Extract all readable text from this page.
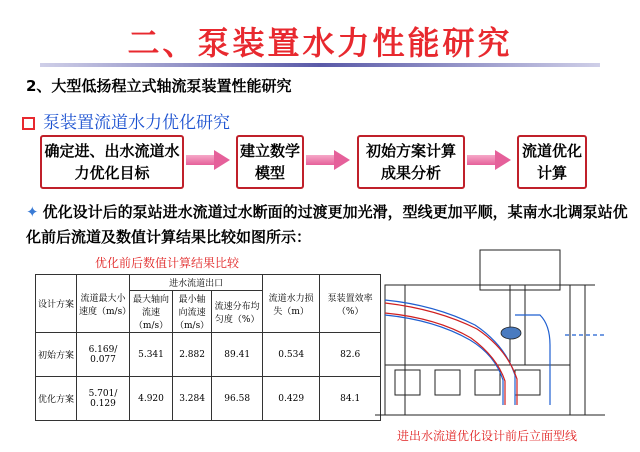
二、泵装置水力性能研究
2、大型低扬程立式轴流泵装置性能研究
泵装置流道水力优化研究
确定进、出水流道水力优化目标
建立数学模型
初始方案计算成果分析
流道优化计算
✦ 优化设计后的泵站进水流道过水断面的过渡更加光滑，型线更加平顺，某南水北调泵站优化前后流道及数值计算结果比较如图所示：
优化前后数值计算结果比较
设计方案	流道最大小速度（m/s）	进水流道出口			流道水力损失（m）	泵装置效率（%）
		最大轴向流速（m/s）	最小轴向流速（m/s）	流速分布均匀度（%）		
初始方案	6.169/ 0.077	5.341	2.882	89.41	0.534	82.6
优化方案	5.701/ 0.129	4.920	3.284	96.58	0.429	84.1
进出水流道优化设计前后立面型线
